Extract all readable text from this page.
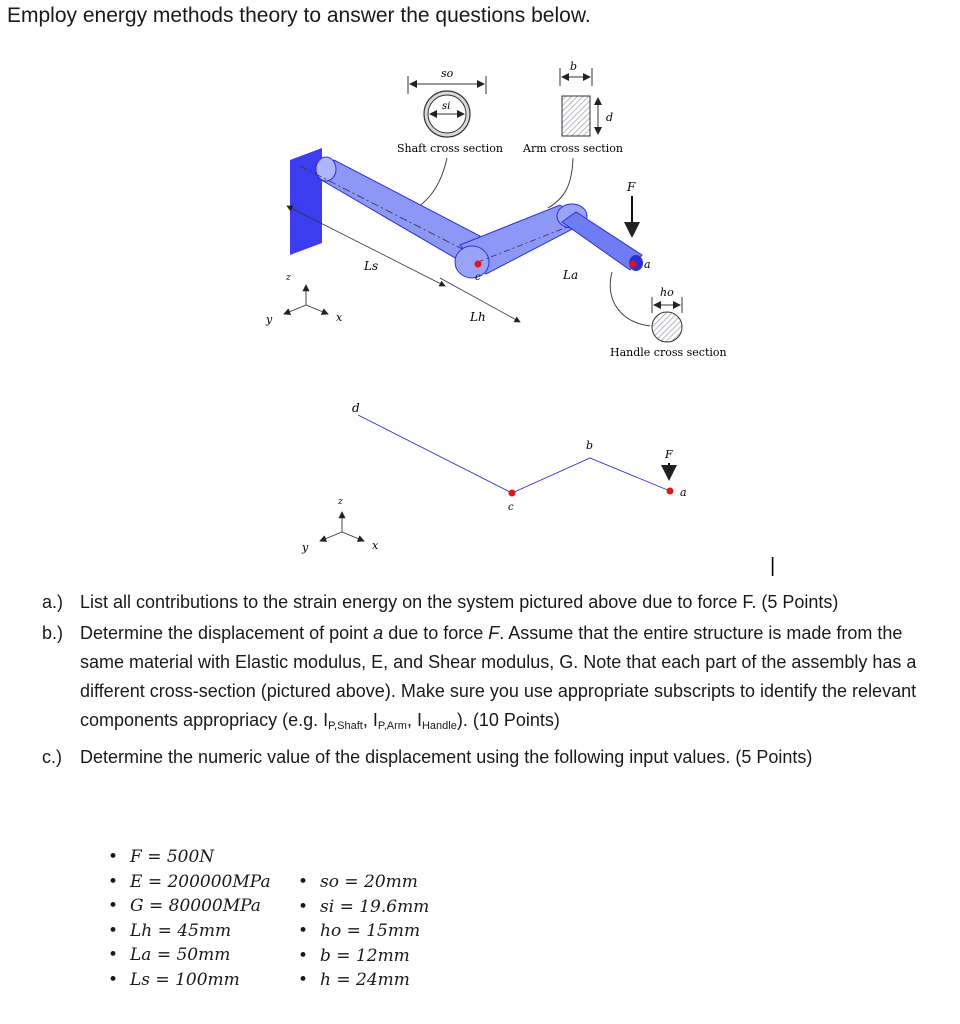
Employ energy methods theory to answer the questions below.
so
si
Shaft cross section
b
d
Arm cross section
c
a
F
Ls
Lh
La
ho
Handle cross section
z
y	x
d
b
c
a
F
z
y	x
|
a.) List all contributions to the strain energy on the system pictured above due to force F. (5 Points)
b.) Determine the displacement of point a due to force F. Assume that the entire structure is made from the same material with Elastic modulus, E, and Shear modulus, G. Note that each part of the assembly has a different cross-section (pictured above). Make sure you use appropriate subscripts to identify the relevant components appropriacy (e.g. $I_{P,Shaft}$, $I_{P,Arm}$, $I_{Handle}$). (10 Points)
c.) Determine the numeric value of the displacement using the following input values. (5 Points)
• F = 500N
• E = 200000MPa
• G = 80000MPa
• Lh = 45mm
• La = 50mm
• Ls = 100mm
• so = 20mm
• si = 19.6mm
• ho = 15mm
• b = 12mm
• h = 24mm
